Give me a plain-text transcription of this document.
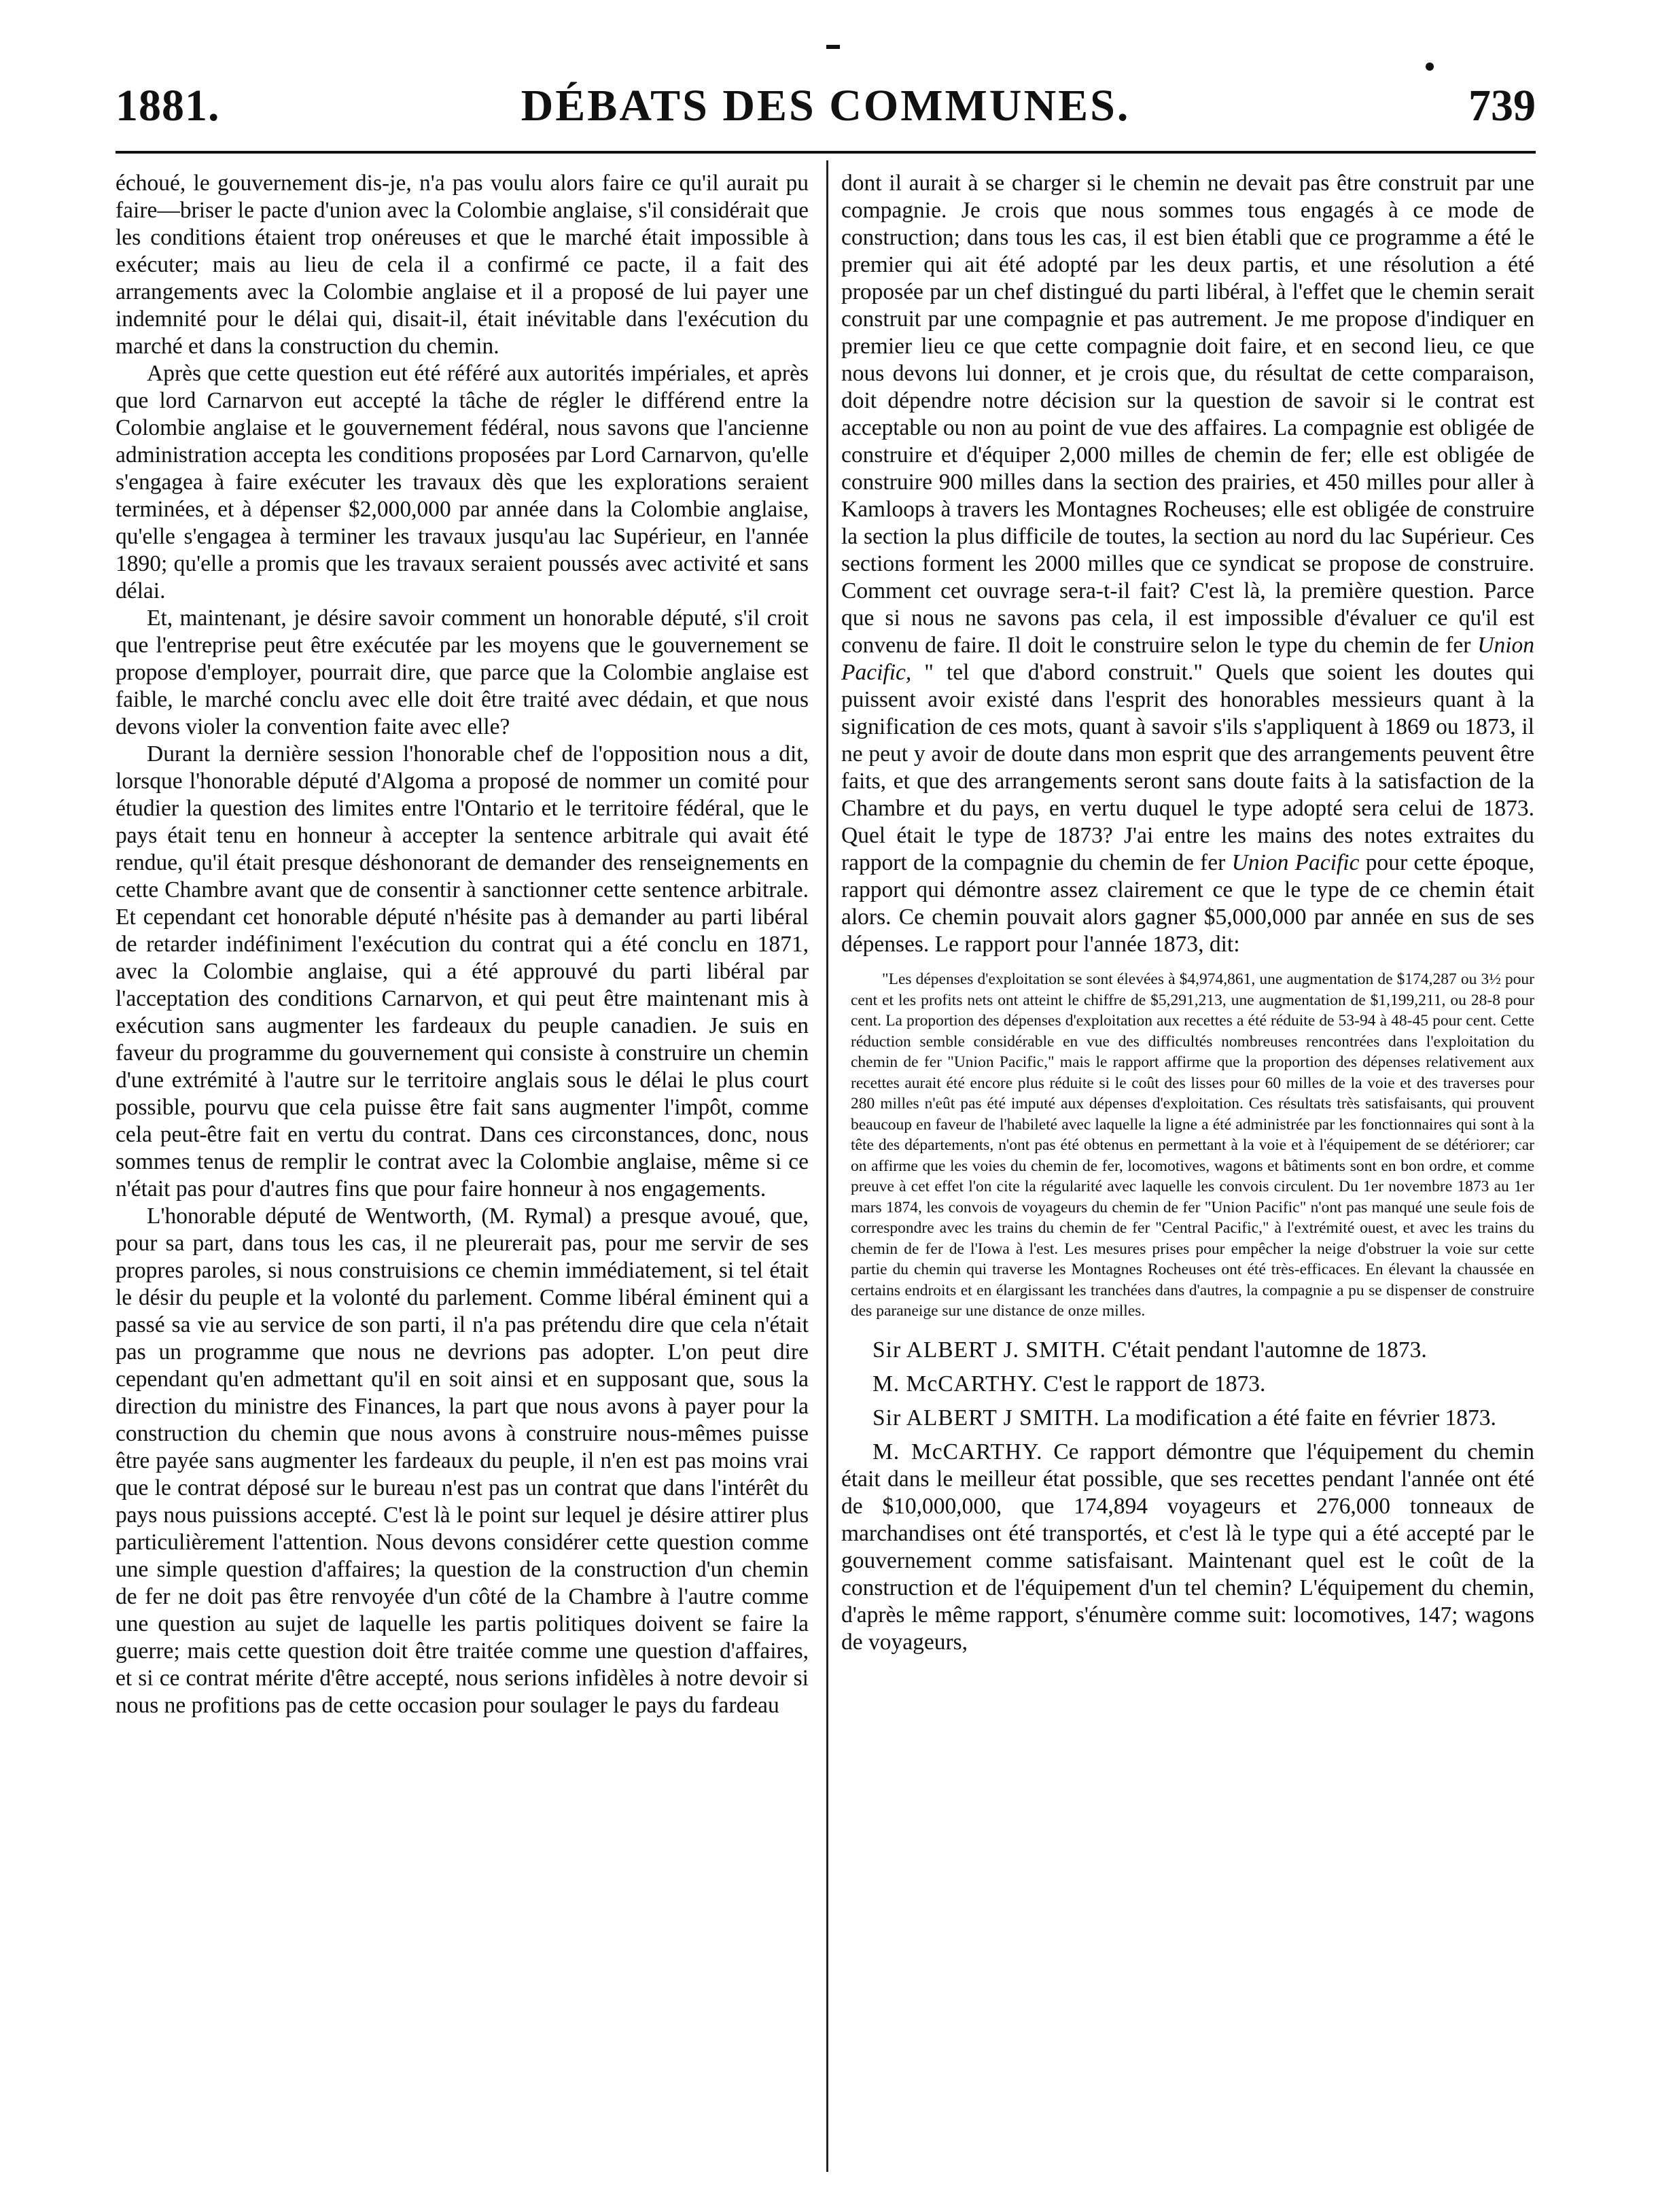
1881.	DÉBATS DES COMMUNES.	739

échoué, le gouvernement dis-je, n'a pas voulu alors faire ce qu'il aurait pu faire—briser le pacte d'union avec la Colombie anglaise, s'il considérait que les conditions étaient trop onéreuses et que le marché était impossible à exécuter; mais au lieu de cela il a confirmé ce pacte, il a fait des arrangements avec la Colombie anglaise et il a proposé de lui payer une indemnité pour le délai qui, disait-il, était inévitable dans l'exécution du marché et dans la construction du chemin.

Après que cette question eut été référé aux autorités impériales, et après que lord Carnarvon eut accepté la tâche de régler le différend entre la Colombie anglaise et le gouvernement fédéral, nous savons que l'ancienne administration accepta les conditions proposées par Lord Carnarvon, qu'elle s'engagea à faire exécuter les travaux dès que les explorations seraient terminées, et à dépenser $2,000,000 par année dans la Colombie anglaise, qu'elle s'engagea à terminer les travaux jusqu'au lac Supérieur, en l'année 1890; qu'elle a promis que les travaux seraient poussés avec activité et sans délai.

Et, maintenant, je désire savoir comment un honorable député, s'il croit que l'entreprise peut être exécutée par les moyens que le gouvernement se propose d'employer, pourrait dire, que parce que la Colombie anglaise est faible, le marché conclu avec elle doit être traité avec dédain, et que nous devons violer la convention faite avec elle?

Durant la dernière session l'honorable chef de l'opposition nous a dit, lorsque l'honorable député d'Algoma a proposé de nommer un comité pour étudier la question des limites entre l'Ontario et le territoire fédéral, que le pays était tenu en honneur à accepter la sentence arbitrale qui avait été rendue, qu'il était presque déshonorant de demander des renseignements en cette Chambre avant que de consentir à sanctionner cette sentence arbitrale. Et cependant cet honorable député n'hésite pas à demander au parti libéral de retarder indéfiniment l'exécution du contrat qui a été conclu en 1871, avec la Colombie anglaise, qui a été approuvé du parti libéral par l'acceptation des conditions Carnarvon, et qui peut être maintenant mis à exécution sans augmenter les fardeaux du peuple canadien. Je suis en faveur du programme du gouvernement qui consiste à construire un chemin d'une extrémité à l'autre sur le territoire anglais sous le délai le plus court possible, pourvu que cela puisse être fait sans augmenter l'impôt, comme cela peut-être fait en vertu du contrat. Dans ces circonstances, donc, nous sommes tenus de remplir le contrat avec la Colombie anglaise, même si ce n'était pas pour d'autres fins que pour faire honneur à nos engagements.

L'honorable député de Wentworth, (M. Rymal) a presque avoué, que, pour sa part, dans tous les cas, il ne pleurerait pas, pour me servir de ses propres paroles, si nous construisions ce chemin immédiatement, si tel était le désir du peuple et la volonté du parlement. Comme libéral éminent qui a passé sa vie au service de son parti, il n'a pas prétendu dire que cela n'était pas un programme que nous ne devrions pas adopter. L'on peut dire cependant qu'en admettant qu'il en soit ainsi et en supposant que, sous la direction du ministre des Finances, la part que nous avons à payer pour la construction du chemin que nous avons à construire nous-mêmes puisse être payée sans augmenter les fardeaux du peuple, il n'en est pas moins vrai que le contrat déposé sur le bureau n'est pas un contrat que dans l'intérêt du pays nous puissions accepté. C'est là le point sur lequel je désire attirer plus particulièrement l'attention. Nous devons considérer cette question comme une simple question d'affaires; la question de la construction d'un chemin de fer ne doit pas être renvoyée d'un côté de la Chambre à l'autre comme une question au sujet de laquelle les partis politiques doivent se faire la guerre; mais cette question doit être traitée comme une question d'affaires, et si ce contrat mérite d'être accepté, nous serions infidèles à notre devoir si nous ne profitions pas de cette occasion pour soulager le pays du fardeau

dont il aurait à se charger si le chemin ne devait pas être construit par une compagnie. Je crois que nous sommes tous engagés à ce mode de construction; dans tous les cas, il est bien établi que ce programme a été le premier qui ait été adopté par les deux partis, et une résolution a été proposée par un chef distingué du parti libéral, à l'effet que le chemin serait construit par une compagnie et pas autrement. Je me propose d'indiquer en premier lieu ce que cette compagnie doit faire, et en second lieu, ce que nous devons lui donner, et je crois que, du résultat de cette comparaison, doit dépendre notre décision sur la question de savoir si le contrat est acceptable ou non au point de vue des affaires. La compagnie est obligée de construire et d'équiper 2,000 milles de chemin de fer; elle est obligée de construire 900 milles dans la section des prairies, et 450 milles pour aller à Kamloops à travers les Montagnes Rocheuses; elle est obligée de construire la section la plus difficile de toutes, la section au nord du lac Supérieur. Ces sections forment les 2000 milles que ce syndicat se propose de construire. Comment cet ouvrage sera-t-il fait? C'est là, la première question. Parce que si nous ne savons pas cela, il est impossible d'évaluer ce qu'il est convenu de faire. Il doit le construire selon le type du chemin de fer Union Pacific, " tel que d'abord construit." Quels que soient les doutes qui puissent avoir existé dans l'esprit des honorables messieurs quant à la signification de ces mots, quant à savoir s'ils s'appliquent à 1869 ou 1873, il ne peut y avoir de doute dans mon esprit que des arrangements peuvent être faits, et que des arrangements seront sans doute faits à la satisfaction de la Chambre et du pays, en vertu duquel le type adopté sera celui de 1873. Quel était le type de 1873? J'ai entre les mains des notes extraites du rapport de la compagnie du chemin de fer Union Pacific pour cette époque, rapport qui démontre assez clairement ce que le type de ce chemin était alors. Ce chemin pouvait alors gagner $5,000,000 par année en sus de ses dépenses. Le rapport pour l'année 1873, dit:

"Les dépenses d'exploitation se sont élevées à $4,974,861, une augmentation de $174,287 ou 3½ pour cent et les profits nets ont atteint le chiffre de $5,291,213, une augmentation de $1,199,211, ou 28-8 pour cent. La proportion des dépenses d'exploitation aux recettes a été réduite de 53-94 à 48-45 pour cent. Cette réduction semble considérable en vue des difficultés nombreuses rencontrées dans l'exploitation du chemin de fer "Union Pacific," mais le rapport affirme que la proportion des dépenses relativement aux recettes aurait été encore plus réduite si le coût des lisses pour 60 milles de la voie et des traverses pour 280 milles n'eût pas été imputé aux dépenses d'exploitation. Ces résultats très satisfaisants, qui prouvent beaucoup en faveur de l'habileté avec laquelle la ligne a été administrée par les fonctionnaires qui sont à la tête des départements, n'ont pas été obtenus en permettant à la voie et à l'équipement de se détériorer; car on affirme que les voies du chemin de fer, locomotives, wagons et bâtiments sont en bon ordre, et comme preuve à cet effet l'on cite la régularité avec laquelle les convois circulent. Du 1er novembre 1873 au 1er mars 1874, les convois de voyageurs du chemin de fer "Union Pacific" n'ont pas manqué une seule fois de correspondre avec les trains du chemin de fer "Central Pacific," à l'extrémité ouest, et avec les trains du chemin de fer de l'Iowa à l'est. Les mesures prises pour empêcher la neige d'obstruer la voie sur cette partie du chemin qui traverse les Montagnes Rocheuses ont été très-efficaces. En élevant la chaussée en certains endroits et en élargissant les tranchées dans d'autres, la compagnie a pu se dispenser de construire des paraneige sur une distance de onze milles.

Sir ALBERT J. SMITH. C'était pendant l'automne de 1873.

M. McCARTHY. C'est le rapport de 1873.

Sir ALBERT J SMITH. La modification a été faite en février 1873.

M. McCARTHY. Ce rapport démontre que l'équipement du chemin était dans le meilleur état possible, que ses recettes pendant l'année ont été de $10,000,000, que 174,894 voyageurs et 276,000 tonneaux de marchandises ont été transportés, et c'est là le type qui a été accepté par le gouvernement comme satisfaisant. Maintenant quel est le coût de la construction et de l'équipement d'un tel chemin? L'équipement du chemin, d'après le même rapport, s'énumère comme suit: locomotives, 147; wagons de voyageurs,
